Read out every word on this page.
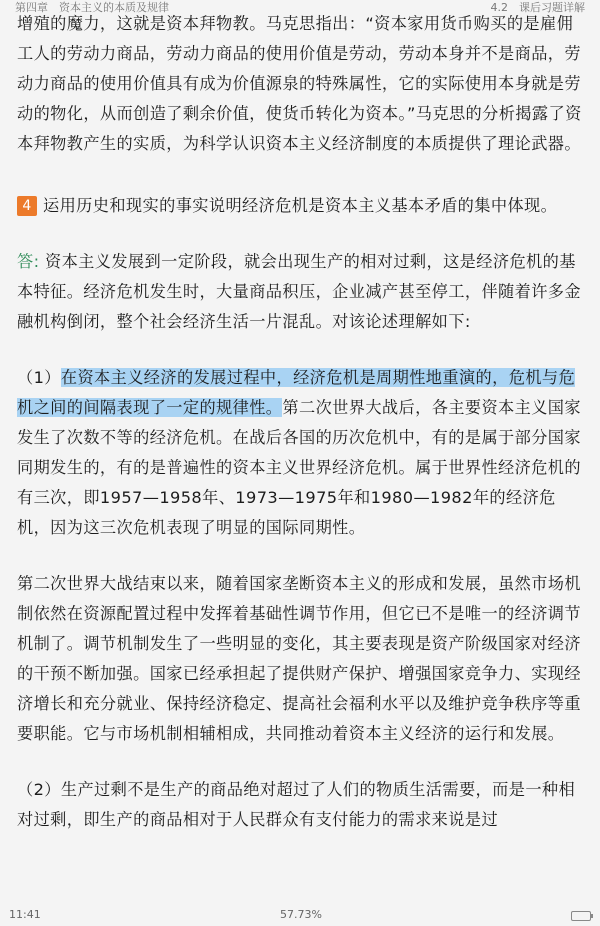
第四章　资本主义的本质及规律	4.2　课后习题详解

增殖的魔力，这就是资本拜物教。马克思指出：“资本家用货币购买的是雇佣工人的劳动力商品，劳动力商品的使用价值是劳动，劳动本身并不是商品，劳动力商品的使用价值具有成为价值源泉的特殊属性，它的实际使用本身就是劳动的物化，从而创造了剩余价值，使货币转化为资本。”马克思的分析揭露了资本拜物教产生的实质，为科学认识资本主义经济制度的本质提供了理论武器。

4 运用历史和现实的事实说明经济危机是资本主义基本矛盾的集中体现。

答: 资本主义发展到一定阶段，就会出现生产的相对过剩，这是经济危机的基本特征。经济危机发生时，大量商品积压，企业减产甚至停工，伴随着许多金融机构倒闭，整个社会经济生活一片混乱。对该论述理解如下:

（1）在资本主义经济的发展过程中，经济危机是周期性地重演的，危机与危机之间的间隔表现了一定的规律性。第二次世界大战后，各主要资本主义国家发生了次数不等的经济危机。在战后各国的历次危机中，有的是属于部分国家同期发生的，有的是普遍性的资本主义世界经济危机。属于世界性经济危机的有三次，即1957—1958年、1973—1975年和1980—1982年的经济危机，因为这三次危机表现了明显的国际同期性。

第二次世界大战结束以来，随着国家垄断资本主义的形成和发展，虽然市场机制依然在资源配置过程中发挥着基础性调节作用，但它已不是唯一的经济调节机制了。调节机制发生了一些明显的变化，其主要表现是资产阶级国家对经济的干预不断加强。国家已经承担起了提供财产保护、增强国家竞争力、实现经济增长和充分就业、保持经济稳定、提高社会福利水平以及维护竞争秩序等重要职能。它与市场机制相辅相成，共同推动着资本主义经济的运行和发展。

（2）生产过剩不是生产的商品绝对超过了人们的物质生活需要，而是一种相对过剩，即生产的商品相对于人民群众有支付能力的需求来说是过

11:41	57.73%
